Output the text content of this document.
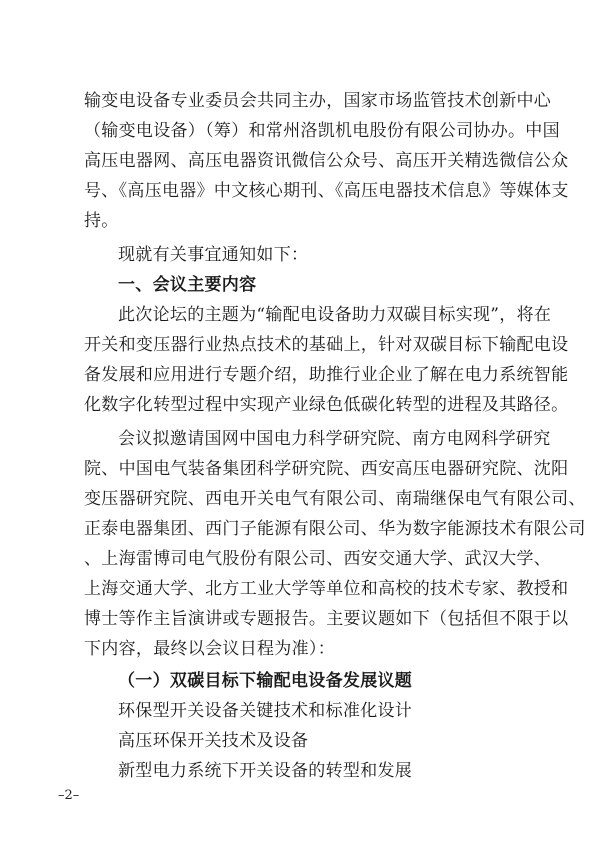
输变电设备专业委员会共同主办，国家市场监管技术创新中心
（输变电设备）（筹）和常州洛凯机电股份有限公司协办。中国
高压电器网、高压电器资讯微信公众号、高压开关精选微信公众
号、《高压电器》中文核心期刊、《高压电器技术信息》等媒体支
持。
现就有关事宜通知如下：
一、会议主要内容
此次论坛的主题为“输配电设备助力双碳目标实现”，将在
开关和变压器行业热点技术的基础上，针对双碳目标下输配电设
备发展和应用进行专题介绍，助推行业企业了解在电力系统智能
化数字化转型过程中实现产业绿色低碳化转型的进程及其路径。
会议拟邀请国网中国电力科学研究院、南方电网科学研究
院、中国电气装备集团科学研究院、西安高压电器研究院、沈阳
变压器研究院、西电开关电气有限公司、南瑞继保电气有限公司、
正泰电器集团、西门子能源有限公司、华为数字能源技术有限公司
、上海雷博司电气股份有限公司、西安交通大学、武汉大学、
上海交通大学、北方工业大学等单位和高校的技术专家、教授和
博士等作主旨演讲或专题报告。主要议题如下（包括但不限于以
下内容，最终以会议日程为准）：
（一）双碳目标下输配电设备发展议题
环保型开关设备关键技术和标准化设计
高压环保开关技术及设备
新型电力系统下开关设备的转型和发展
–2–
